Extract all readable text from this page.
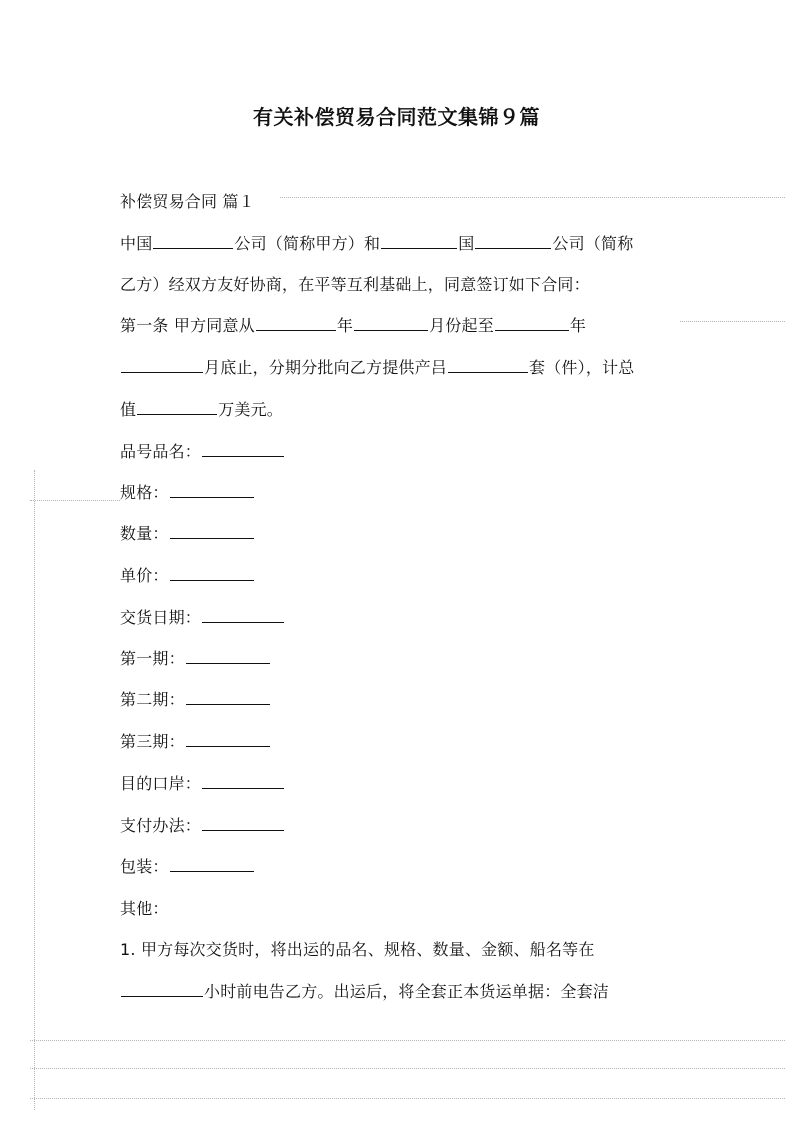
有关补偿贸易合同范文集锦９篇
补偿贸易合同 篇１
中国	公司（简称甲方）和	国	公司（简称
乙方）经双方友好协商，在平等互利基础上，同意签订如下合同：
第一条 甲方同意从	年	月份起至	年
月底止，分期分批向乙方提供产吕	套（件），计总
值	万美元。
品号品名：
规格：
数量：
单价：
交货日期：
第一期：
第二期：
第三期：
目的口岸：
支付办法：
包装：
其他：
1. 甲方每次交货时，将出运的品名、规格、数量、金额、船名等在
小时前电告乙方。出运后，将全套正本货运单据：全套洁
